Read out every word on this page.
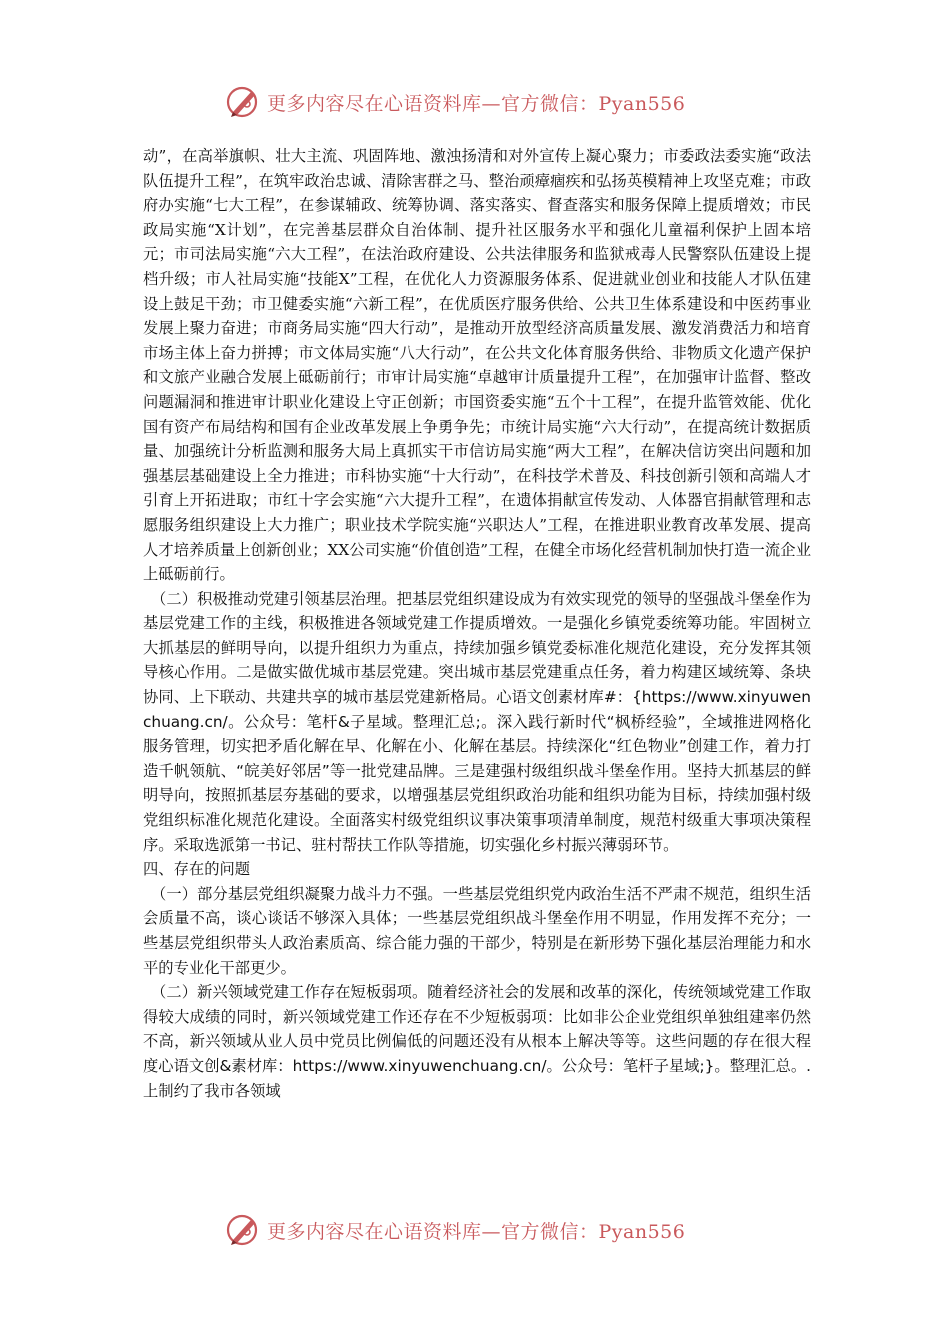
更多内容尽在心语资料库—官方微信：Pyan556

动”，在高举旗帜、壮大主流、巩固阵地、激浊扬清和对外宣传上凝心聚力；市委政法委实施“政法队伍提升工程”，在筑牢政治忠诚、清除害群之马、整治顽瘴痼疾和弘扬英模精神上攻坚克难；市政府办实施“七大工程”，在参谋辅政、统筹协调、落实落实、督查落实和服务保障上提质增效；市民政局实施“X计划”，在完善基层群众自治体制、提升社区服务水平和强化儿童福利保护上固本培元；市司法局实施“六大工程”，在法治政府建设、公共法律服务和监狱戒毒人民警察队伍建设上提档升级；市人社局实施“技能X”工程，在优化人力资源服务体系、促进就业创业和技能人才队伍建设上鼓足干劲；市卫健委实施“六新工程”，在优质医疗服务供给、公共卫生体系建设和中医药事业发展上聚力奋进；市商务局实施“四大行动”，是推动开放型经济高质量发展、激发消费活力和培育市场主体上奋力拼搏；市文体局实施“八大行动”，在公共文化体育服务供给、非物质文化遗产保护和文旅产业融合发展上砥砺前行；市审计局实施“卓越审计质量提升工程”，在加强审计监督、整改问题漏洞和推进审计职业化建设上守正创新；市国资委实施“五个十工程”，在提升监管效能、优化国有资产布局结构和国有企业改革发展上争勇争先；市统计局实施“六大行动”，在提高统计数据质量、加强统计分析监测和服务大局上真抓实干市信访局实施“两大工程”，在解决信访突出问题和加强基层基础建设上全力推进；市科协实施“十大行动”，在科技学术普及、科技创新引领和高端人才引育上开拓进取；市红十字会实施“六大提升工程”，在遗体捐献宣传发动、人体器官捐献管理和志愿服务组织建设上大力推广；职业技术学院实施“兴职达人”工程，在推进职业教育改革发展、提高人才培养质量上创新创业；XX公司实施“价值创造”工程，在健全市场化经营机制加快打造一流企业上砥砺前行。

（二）积极推动党建引领基层治理。把基层党组织建设成为有效实现党的领导的坚强战斗堡垒作为基层党建工作的主线，积极推进各领域党建工作提质增效。一是强化乡镇党委统筹功能。牢固树立大抓基层的鲜明导向，以提升组织力为重点，持续加强乡镇党委标准化规范化建设，充分发挥其领导核心作用。二是做实做优城市基层党建。突出城市基层党建重点任务，着力构建区域统筹、条块协同、上下联动、共建共享的城市基层党建新格局。心语文创素材库#：{https://www.xinyuwenchuang.cn/。公众号：笔杆&子星域。整理汇总;。深入践行新时代“枫桥经验”，全域推进网格化服务管理，切实把矛盾化解在早、化解在小、化解在基层。持续深化“红色物业”创建工作，着力打造千帆领航、“皖美好邻居”等一批党建品牌。三是建强村级组织战斗堡垒作用。坚持大抓基层的鲜明导向，按照抓基层夯基础的要求，以增强基层党组织政治功能和组织功能为目标，持续加强村级党组织标准化规范化建设。全面落实村级党组织议事决策事项清单制度，规范村级重大事项决策程序。采取选派第一书记、驻村帮扶工作队等措施，切实强化乡村振兴薄弱环节。

四、存在的问题

（一）部分基层党组织凝聚力战斗力不强。一些基层党组织党内政治生活不严肃不规范，组织生活会质量不高，谈心谈话不够深入具体；一些基层党组织战斗堡垒作用不明显，作用发挥不充分；一些基层党组织带头人政治素质高、综合能力强的干部少，特别是在新形势下强化基层治理能力和水平的专业化干部更少。

（二）新兴领域党建工作存在短板弱项。随着经济社会的发展和改革的深化，传统领域党建工作取得较大成绩的同时，新兴领域党建工作还存在不少短板弱项：比如非公企业党组织单独组建率仍然不高，新兴领域从业人员中党员比例偏低的问题还没有从根本上解决等等。这些问题的存在很大程度心语文创&素材库：https://www.xinyuwenchuang.cn/。公众号：笔杆子星域;}。整理汇总。.上制约了我市各领域

更多内容尽在心语资料库—官方微信：Pyan556
